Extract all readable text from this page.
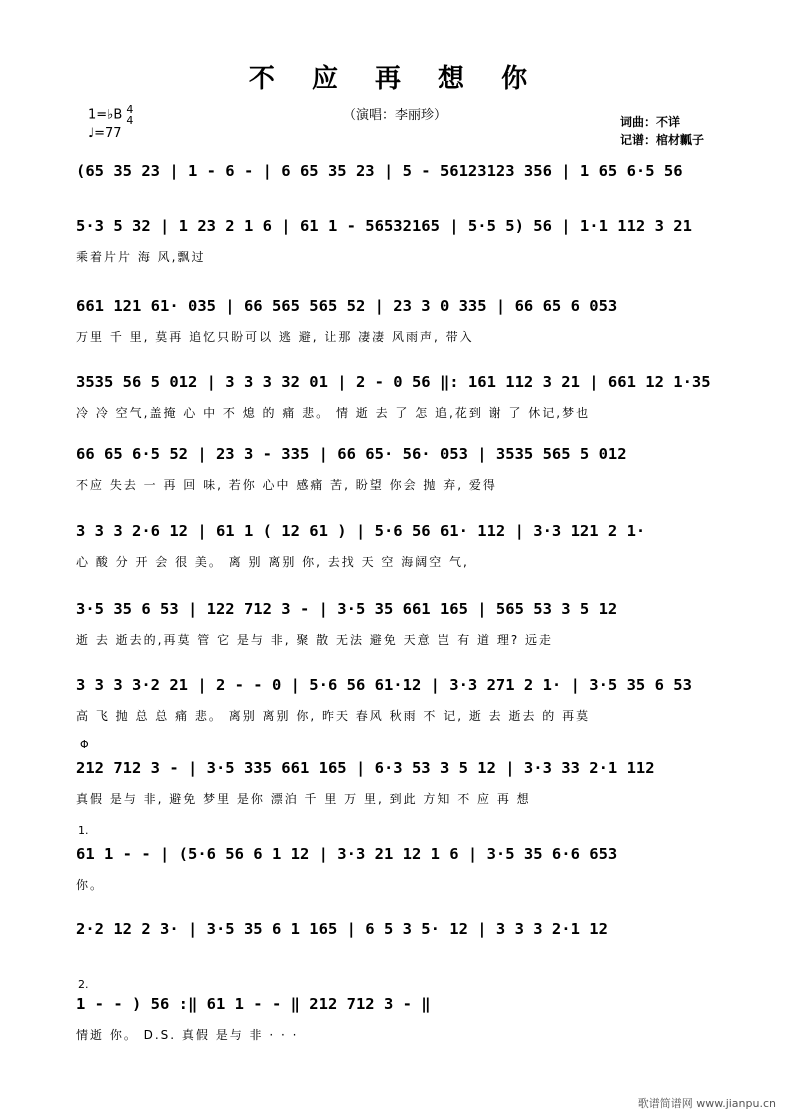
不 应 再 想 你
（演唱：李丽珍）
1=♭B 4
4
♩=77
词曲：不详
记谱：棺材瓤子
(65 35 23 | 1 - 6 - | 6 65 35 23 | 5 - 56123123 356 | 1 65 6·5 56
5·3 5 32 | 1 23 2 1 6 | 61 1 - 56532165 | 5·5 5) 56 | 1·1 112 3 21
乘着片片 海 风,飘过
661 121 61· 035 | 66 565 565 52 | 23 3 0 335 | 66 65 6 053
万里 千 里, 莫再 追忆只盼可以 逃 避, 让那 凄凄 风雨声, 带入
3535 56 5 012 | 3 3 3 32 01 | 2 - 0 56 ‖: 161 112 3 21 | 661 12 1·35
冷 冷 空气,盖掩 心 中 不 熄 的 痛 悲。 情 逝 去 了 怎 追,花到 谢 了 休记,梦也
66 65 6·5 52 | 23 3 - 335 | 66 65· 56· 053 | 3535 565 5 012
不应 失去 一 再 回 味, 若你 心中 感痛 苦, 盼望 你会 抛 弃, 爱得
3 3 3 2·6 12 | 61 1 ( 12 61 ) | 5·6 56 61· 112 | 3·3 121 2 1·
心 酸 分 开 会 很 美。 离 别 离别 你, 去找 天 空 海阔空 气,
3·5 35 6 53 | 122 712 3 - | 3·5 35 661 165 | 565 53 3 5 12
逝 去 逝去的,再莫 管 它 是与 非, 聚 散 无法 避免 天意 岂 有 道 理? 远走
3 3 3 3·2 21 | 2 - - 0 | 5·6 56 61·12 | 3·3 271 2 1· | 3·5 35 6 53
高 飞 抛 总 总 痛 悲。 离别 离别 你, 昨天 春风 秋雨 不 记, 逝 去 逝去 的 再莫
Φ
212 712 3 - | 3·5 335 661 165 | 6·3 53 3 5 12 | 3·3 33 2·1 112
真假 是与 非, 避免 梦里 是你 漂泊 千 里 万 里, 到此 方知 不 应 再 想
1.
61 1 - - | (5·6 56 6 1 12 | 3·3 21 12 1 6 | 3·5 35 6·6 653
你。
2·2 12 2 3· | 3·5 35 6 1 165 | 6 5 3 5· 12 | 3 3 3 2·1 12
2.
1 - - ) 56 :‖ 61 1 - - ‖ 212 712 3 - ‖
情逝 你。 D.S. 真假 是与 非 · · ·
歌谱简谱网 www.jianpu.cn
